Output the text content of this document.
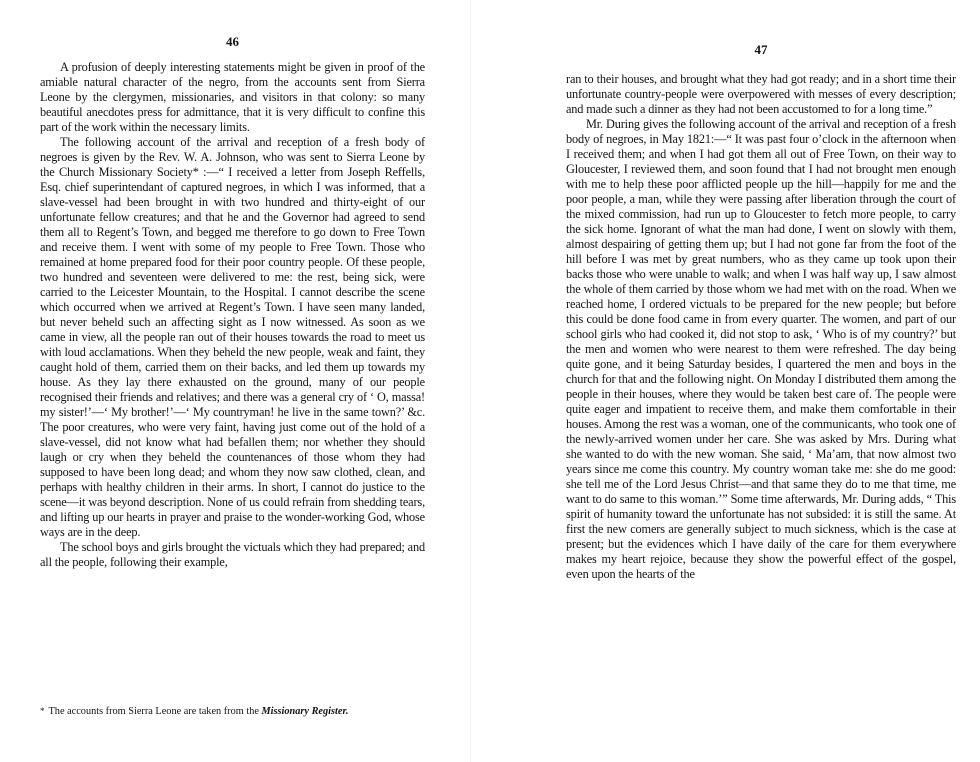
46

A profusion of deeply interesting statements might be given in proof of the amiable natural character of the negro, from the accounts sent from Sierra Leone by the clergymen, missionaries, and visitors in that colony: so many beautiful anecdotes press for admittance, that it is very difficult to confine this part of the work within the necessary limits.

The following account of the arrival and reception of a fresh body of negroes is given by the Rev. W. A. Johnson, who was sent to Sierra Leone by the Church Missionary Society* :—“ I received a letter from Joseph Reffells, Esq. chief superintendant of captured negroes, in which I was informed, that a slave-vessel had been brought in with two hundred and thirty-eight of our unfortunate fellow creatures; and that he and the Governor had agreed to send them all to Regent’s Town, and begged me therefore to go down to Free Town and receive them. I went with some of my people to Free Town. Those who remained at home prepared food for their poor country people. Of these people, two hundred and seventeen were delivered to me: the rest, being sick, were carried to the Leicester Mountain, to the Hospital. I cannot describe the scene which occurred when we arrived at Regent’s Town. I have seen many landed, but never beheld such an affecting sight as I now witnessed. As soon as we came in view, all the people ran out of their houses towards the road to meet us with loud acclamations. When they beheld the new people, weak and faint, they caught hold of them, carried them on their backs, and led them up towards my house. As they lay there exhausted on the ground, many of our people recognised their friends and relatives; and there was a general cry of ‘ O, massa! my sister!’—‘ My brother!’—‘ My countryman! he live in the same town?’ &c. The poor creatures, who were very faint, having just come out of the hold of a slave-vessel, did not know what had befallen them; nor whether they should laugh or cry when they beheld the countenances of those whom they had supposed to have been long dead; and whom they now saw clothed, clean, and perhaps with healthy children in their arms. In short, I cannot do justice to the scene—it was beyond description. None of us could refrain from shedding tears, and lifting up our hearts in prayer and praise to the wonder-working God, whose ways are in the deep.

The school boys and girls brought the victuals which they had prepared; and all the people, following their example,

* The accounts from Sierra Leone are taken from the Missionary Register.
47

ran to their houses, and brought what they had got ready; and in a short time their unfortunate country-people were overpowered with messes of every description; and made such a dinner as they had not been accustomed to for a long time.”

Mr. During gives the following account of the arrival and reception of a fresh body of negroes, in May 1821:—“ It was past four o’clock in the afternoon when I received them; and when I had got them all out of Free Town, on their way to Gloucester, I reviewed them, and soon found that I had not brought men enough with me to help these poor afflicted people up the hill—happily for me and the poor people, a man, while they were passing after liberation through the court of the mixed commission, had run up to Gloucester to fetch more people, to carry the sick home. Ignorant of what the man had done, I went on slowly with them, almost despairing of getting them up; but I had not gone far from the foot of the hill before I was met by great numbers, who as they came up took upon their backs those who were unable to walk; and when I was half way up, I saw almost the whole of them carried by those whom we had met with on the road. When we reached home, I ordered victuals to be prepared for the new people; but before this could be done food came in from every quarter. The women, and part of our school girls who had cooked it, did not stop to ask, ‘ Who is of my country?’ but the men and women who were nearest to them were refreshed. The day being quite gone, and it being Saturday besides, I quartered the men and boys in the church for that and the following night. On Monday I distributed them among the people in their houses, where they would be taken best care of. The people were quite eager and impatient to receive them, and make them comfortable in their houses. Among the rest was a woman, one of the communicants, who took one of the newly-arrived women under her care. She was asked by Mrs. During what she wanted to do with the new woman. She said, ‘ Ma’am, that now almost two years since me come this country. My country woman take me: she do me good: she tell me of the Lord Jesus Christ—and that same they do to me that time, me want to do same to this woman.’” Some time afterwards, Mr. During adds, “ This spirit of humanity toward the unfortunate has not subsided: it is still the same. At first the new comers are generally subject to much sickness, which is the case at present; but the evidences which I have daily of the care for them everywhere makes my heart rejoice, because they show the powerful effect of the gospel, even upon the hearts of the
